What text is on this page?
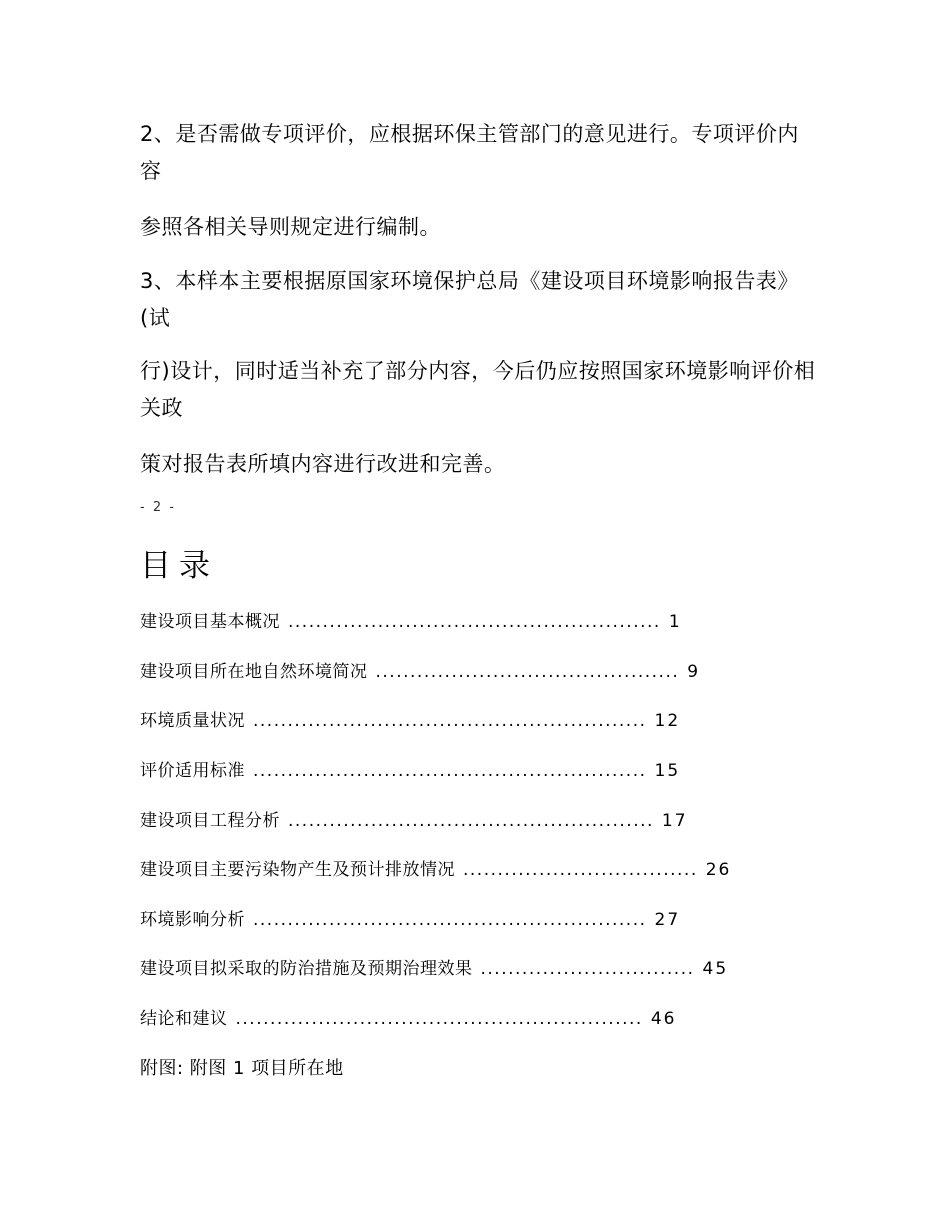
2、是否需做专项评价，应根据环保主管部门的意见进行。专项评价内容

参照各相关导则规定进行编制。

3、本样本主要根据原国家环境保护总局《建设项目环境影响报告表》(试

行)设计，同时适当补充了部分内容，今后仍应按照国家环境影响评价相关政

策对报告表所填内容进行改进和完善。

- 2 -
目录
建设项目基本概况 ...................................................... 1
建设项目所在地自然环境简况 ............................................ 9
环境质量状况 ......................................................... 12
评价适用标准 ......................................................... 15
建设项目工程分析 ..................................................... 17
建设项目主要污染物产生及预计排放情况 .................................. 26
环境影响分析 ......................................................... 27
建设项目拟采取的防治措施及预期治理效果 ............................... 45
结论和建议 ........................................................... 46
附图: 附图 1 项目所在地
